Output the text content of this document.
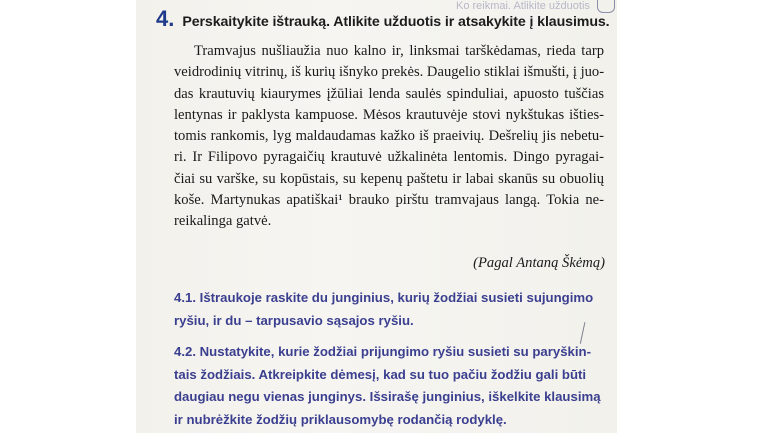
Ko reikmai. Atlikite užduotis
4. Perskaitykite ištrauką. Atlikite užduotis ir atsakykite į klausimus.
Tramvajus nušliaužia nuo kalno ir, linksmai tarškėdamas, rieda tarp
veidrodinių vitrinų, iš kurių išnyko prekės. Daugelio stiklai išmušti, į juo-
das krautuvių kiaurymes įžūliai lenda saulės spinduliai, apuosto tuščias
lentynas ir paklysta kampuose. Mėsos krautuvėje stovi nykštukas išties-
tomis rankomis, lyg maldaudamas kažko iš praeivių. Dešrelių jis nebetu-
ri. Ir Filipovo pyragaičių krautuvė užkalinėta lentomis. Dingo pyragai-
čiai su varške, su kopūstais, su kepenų paštetu ir labai skanūs su obuolių
koše. Martynukas apatiškai¹ brauko pirštu tramvajaus langą. Tokia ne-
reikalinga gatvė.
(Pagal Antaną Škėmą)
4.1. Ištraukoje raskite du junginius, kurių žodžiai susieti sujungimo
ryšiu, ir du – tarpusavio sąsajos ryšiu.
4.2. Nustatykite, kurie žodžiai prijungimo ryšiu susieti su paryškin-
tais žodžiais. Atkreipkite dėmesį, kad su tuo pačiu žodžiu gali būti
daugiau negu vienas junginys. Išsirašę junginius, iškelkite klausimą
ir nubrėžkite žodžių priklausomybę rodančią rodyklę.
